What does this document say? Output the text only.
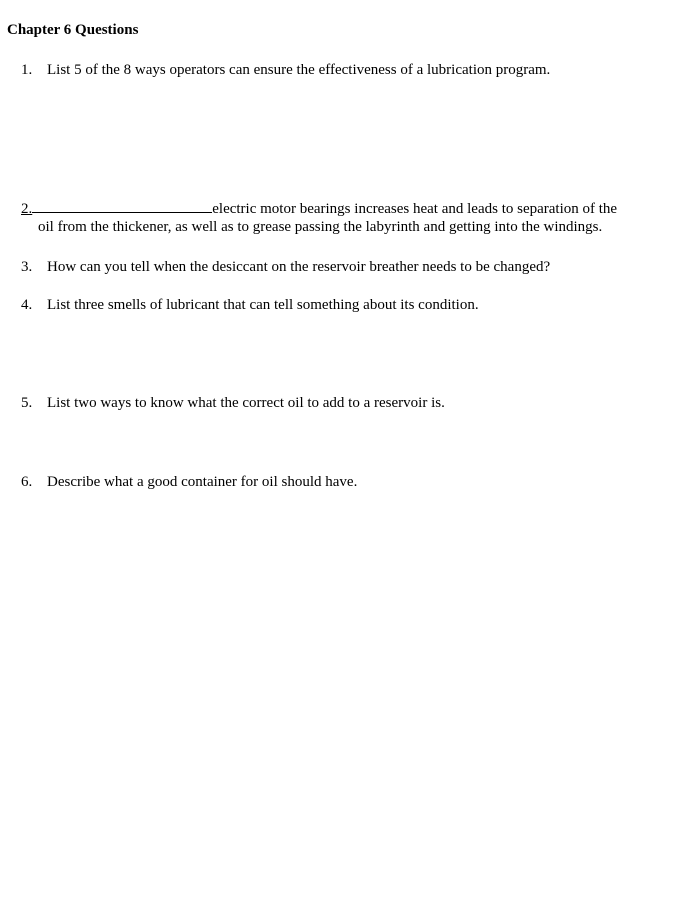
Chapter 6 Questions
1. List 5 of the 8 ways operators can ensure the effectiveness of a lubrication program.
2.	electric motor bearings increases heat and leads to separation of the
oil from the thickener, as well as to grease passing the labyrinth and getting into the windings.
3. How can you tell when the desiccant on the reservoir breather needs to be changed?
4. List three smells of lubricant that can tell something about its condition.
5. List two ways to know what the correct oil to add to a reservoir is.
6. Describe what a good container for oil should have.
